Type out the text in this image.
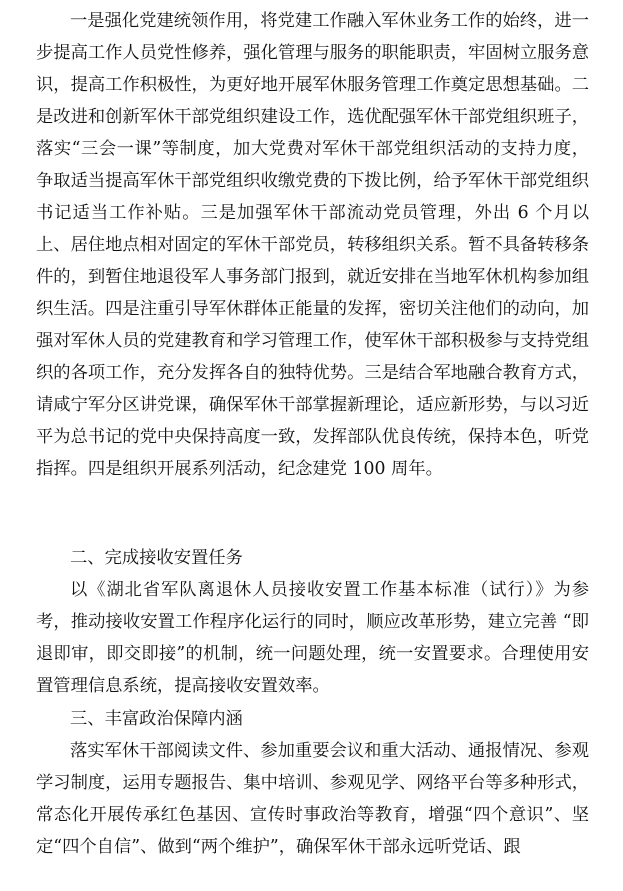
一是强化党建统领作用，将党建工作融入军休业务工作的始终，进一步提高工作人员党性修养，强化管理与服务的职能职责，牢固树立服务意识，提高工作积极性，为更好地开展军休服务管理工作奠定思想基础。二是改进和创新军休干部党组织建设工作，选优配强军休干部党组织班子，落实“三会一课”等制度，加大党费对军休干部党组织活动的支持力度，争取适当提高军休干部党组织收缴党费的下拨比例，给予军休干部党组织书记适当工作补贴。三是加强军休干部流动党员管理，外出 6 个月以上、居住地点相对固定的军休干部党员，转移组织关系。暂不具备转移条件的，到暂住地退役军人事务部门报到，就近安排在当地军休机构参加组织生活。四是注重引导军休群体正能量的发挥，密切关注他们的动向，加强对军休人员的党建教育和学习管理工作，使军休干部积极参与支持党组织的各项工作，充分发挥各自的独特优势。三是结合军地融合教育方式，请咸宁军分区讲党课，确保军休干部掌握新理论，适应新形势，与以习近平为总书记的党中央保持高度一致，发挥部队优良传统，保持本色，听党指挥。四是组织开展系列活动，纪念建党 100 周年。

二、完成接收安置任务

以《湖北省军队离退休人员接收安置工作基本标准（试行）》为参考，推动接收安置工作程序化运行的同时，顺应改革形势，建立完善 “即退即审，即交即接”的机制，统一问题处理，统一安置要求。合理使用安置管理信息系统，提高接收安置效率。

三、丰富政治保障内涵

落实军休干部阅读文件、参加重要会议和重大活动、通报情况、参观学习制度，运用专题报告、集中培训、参观见学、网络平台等多种形式，常态化开展传承红色基因、宣传时事政治等教育，增强“四个意识”、坚定“四个自信”、做到“两个维护”，确保军休干部永远听党话、跟
